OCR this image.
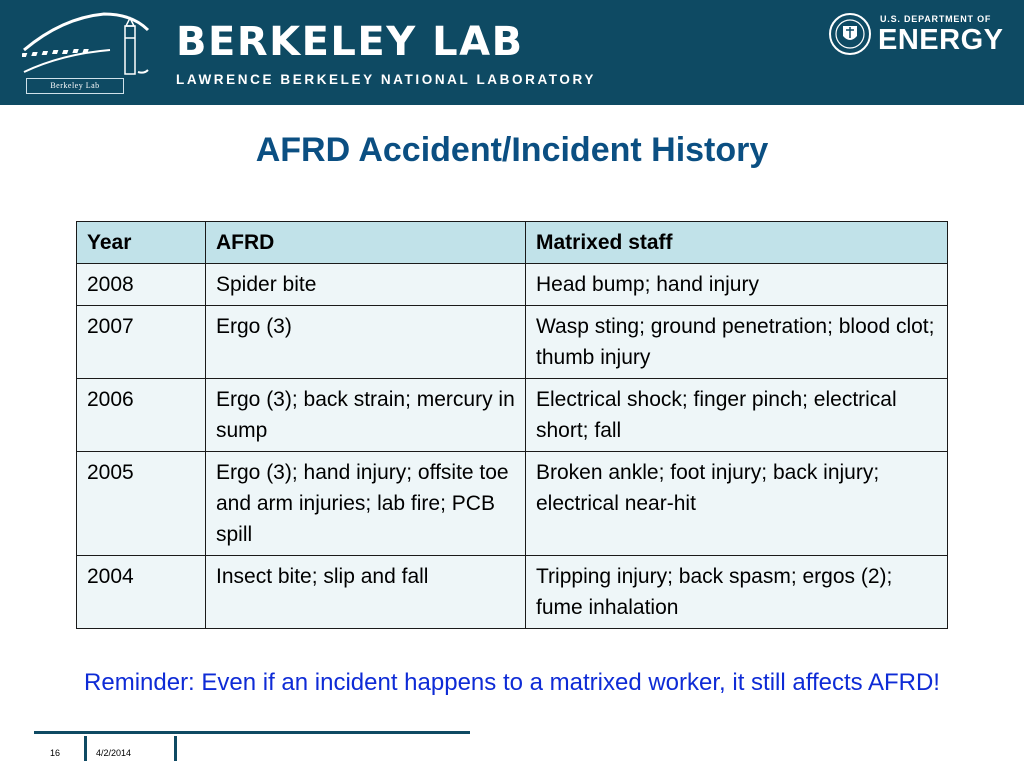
Berkeley Lab
BERKELEY LAB
LAWRENCE BERKELEY NATIONAL LABORATORY
U.S. DEPARTMENT OF
ENERGY
AFRD Accident/Incident History
Year	AFRD	Matrixed staff
2008	Spider bite	Head bump; hand injury
2007	Ergo (3)	Wasp sting; ground penetration; blood clot; thumb injury
2006	Ergo (3); back strain; mercury in sump	Electrical shock; finger pinch; electrical short; fall
2005	Ergo (3); hand injury; offsite toe and arm injuries; lab fire; PCB spill	Broken ankle; foot injury; back injury; electrical near-hit
2004	Insect bite; slip and fall	Tripping injury; back spasm; ergos (2); fume inhalation
Reminder: Even if an incident happens to a matrixed worker, it still affects AFRD!
16	4/2/2014
